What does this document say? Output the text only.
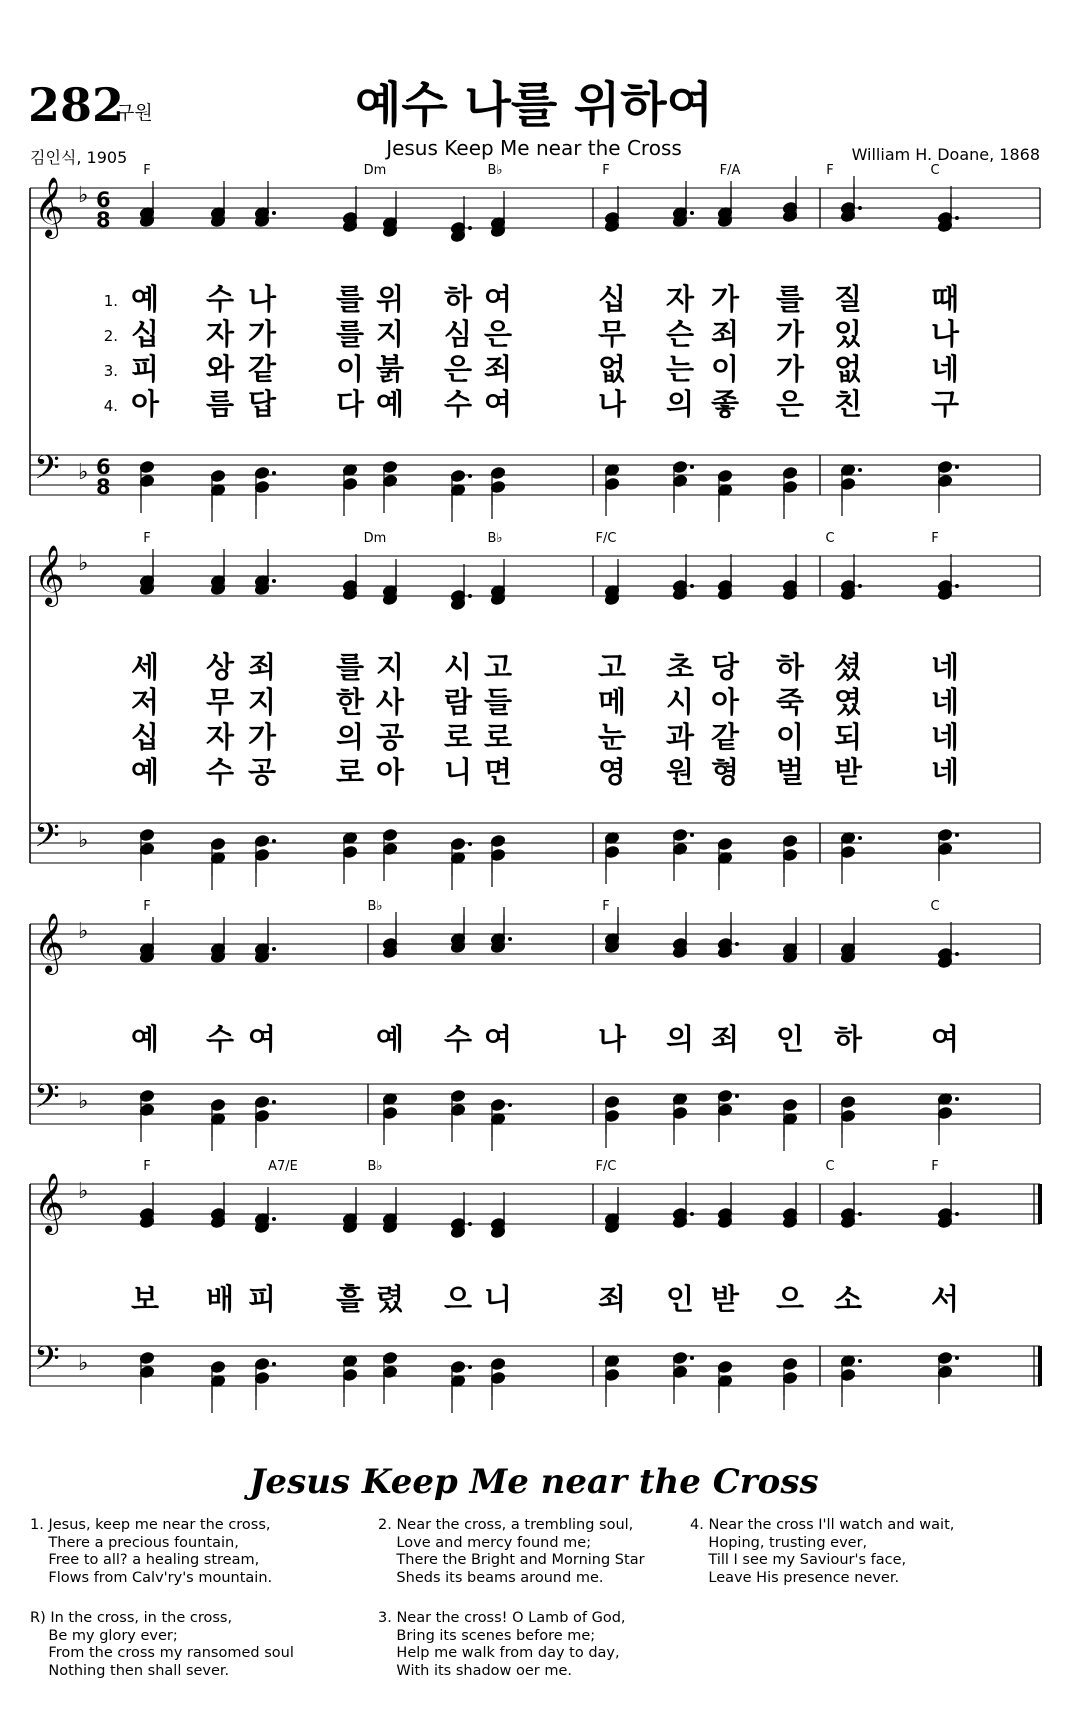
282
구원	예수 나를 위하여
Jesus Keep Me near the Cross
김인식, 1905	William H. Doane, 1868
𝄞
𝄢
♭
♭
6
8
6
8
F	Dm	B♭	F	F/A	F	C
𝄞
𝄢
♭
♭
F	Dm	B♭	F/C	C	F
𝄞
𝄢
♭
♭
F	B♭	F	C
𝄞
𝄢
♭
♭
F	A7/E	B♭	F/C	C	F
1. 예 수 나 를 위 하 여	십 자 가 를 질 때
2. 십 자 가 를 지 심 은	무 슨 죄 가 있 나
3. 피 와 같 이 붉 은 죄	없 는 이 가 없 네
4. 아 름 답 다 예 수 여	나 의 좋 은 친 구
세 상 죄 를 지 시 고	고 초 당 하 셨 네
저 무 지 한 사 람 들	메 시 아 죽 였 네
십 자 가 의 공 로 로	눈 과 같 이 되 네
예 수 공 로 아 니 면	영 원 형 벌 받 네
예 수 여	예 수 여	나 의 죄 인 하 여
보 배 피 흘 렸 으 니	죄 인 받 으 소 서
Jesus Keep Me near the Cross
1. Jesus, keep me near the cross,
There a precious fountain,
Free to all? a healing stream,
Flows from Calv'ry's mountain.
R) In the cross, in the cross,
Be my glory ever;
From the cross my ransomed soul
Nothing then shall sever.
2. Near the cross, a trembling soul,
Love and mercy found me;
There the Bright and Morning Star
Sheds its beams around me.
3. Near the cross! O Lamb of God,
Bring its scenes before me;
Help me walk from day to day,
With its shadow oer me.
4. Near the cross I'll watch and wait,
Hoping, trusting ever,
Till I see my Saviour's face,
Leave His presence never.
